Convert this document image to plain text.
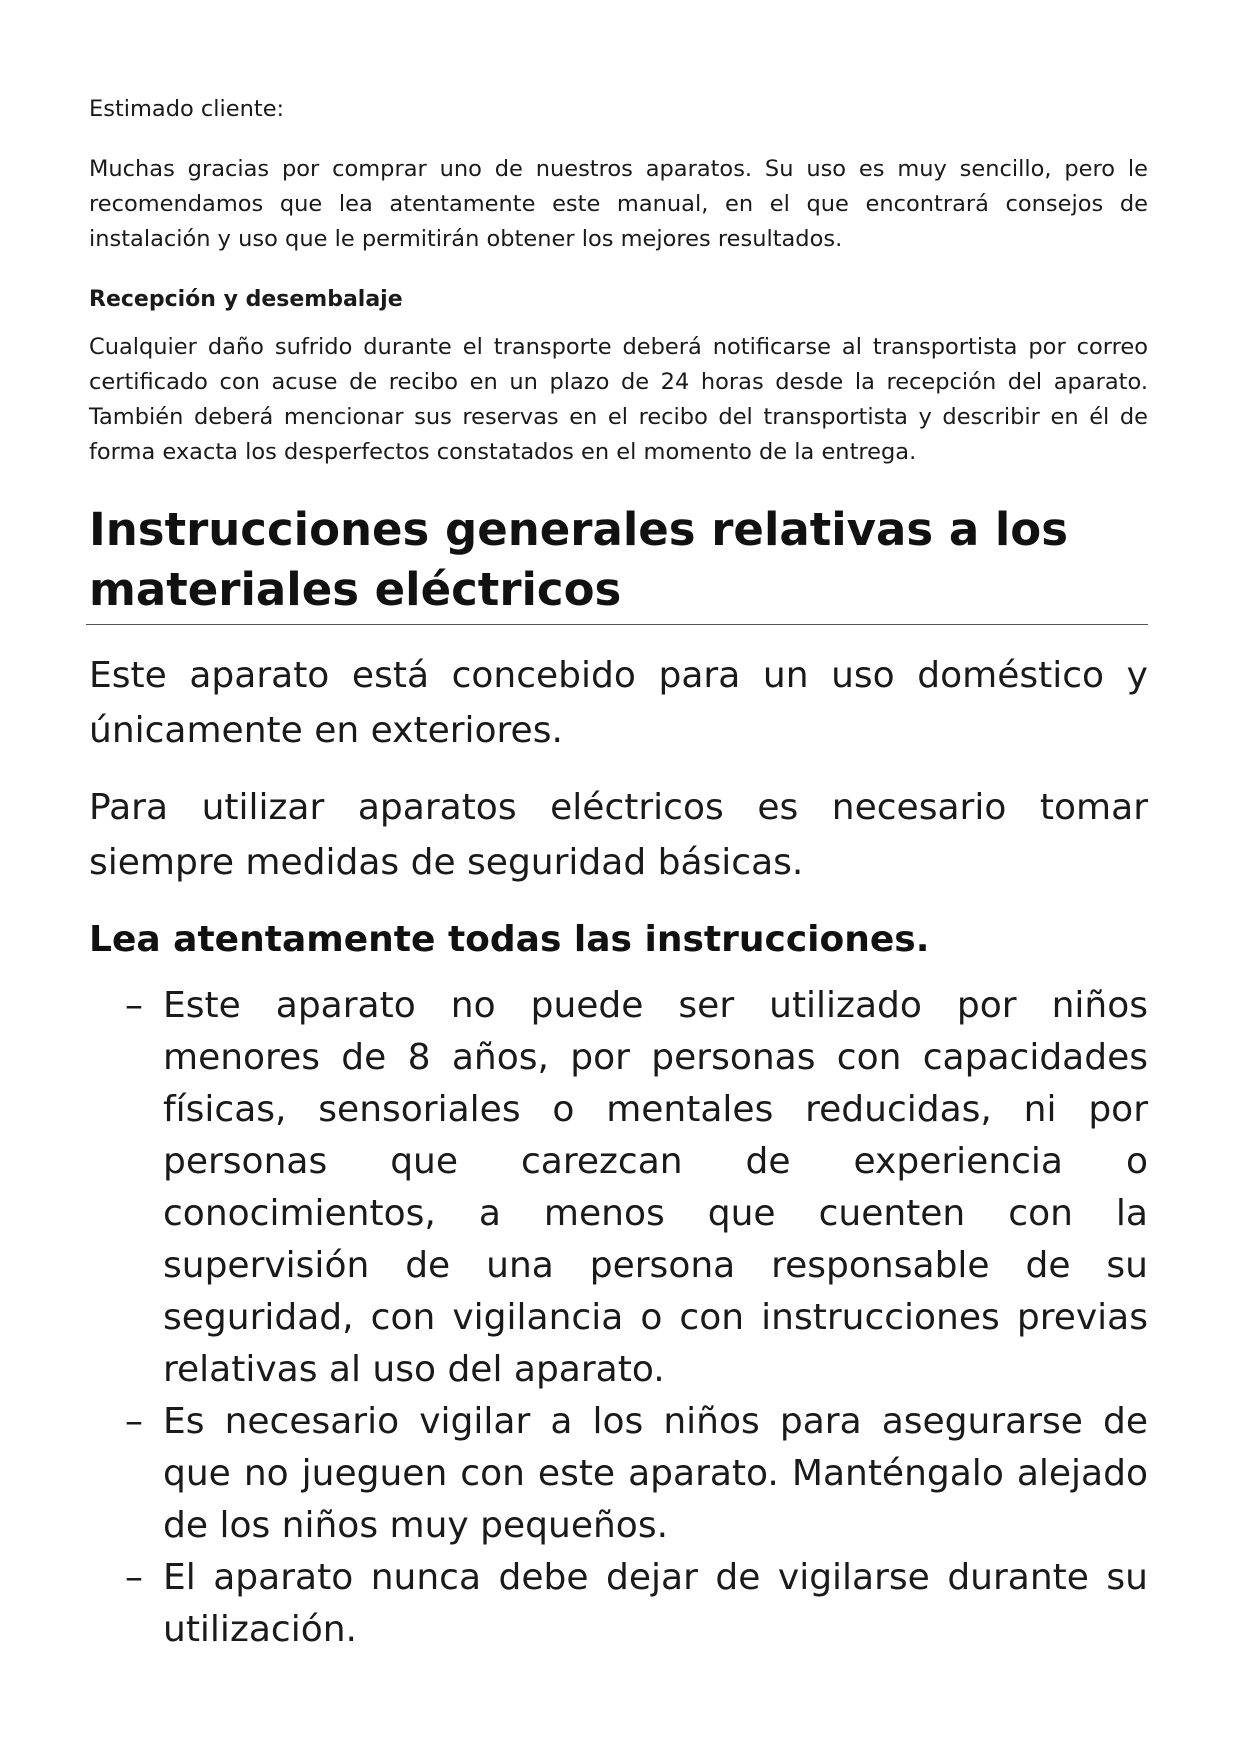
Estimado cliente:

Muchas gracias por comprar uno de nuestros aparatos. Su uso es muy sencillo, pero le recomendamos que lea atentamente este manual, en el que encontrará consejos de instalación y uso que le permitirán obtener los mejores resultados.

Recepción y desembalaje

Cualquier daño sufrido durante el transporte deberá notificarse al transportista por correo certificado con acuse de recibo en un plazo de 24 horas desde la recepción del aparato. También deberá mencionar sus reservas en el recibo del transportista y describir en él de forma exacta los desperfectos constatados en el momento de la entrega.

Instrucciones generales relativas a los materiales eléctricos

Este aparato está concebido para un uso doméstico y únicamente en exteriores.

Para utilizar aparatos eléctricos es necesario tomar siempre medidas de seguridad básicas.

Lea atentamente todas las instrucciones.
– Este aparato no puede ser utilizado por niños menores de 8 años, por personas con capacidades físicas, sensoriales o mentales reducidas, ni por personas que carezcan de experiencia o conocimientos, a menos que cuenten con la supervisión de una persona responsable de su seguridad, con vigilancia o con instrucciones previas relativas al uso del aparato.
– Es necesario vigilar a los niños para asegurarse de que no jueguen con este aparato. Manténgalo alejado de los niños muy pequeños.
– El aparato nunca debe dejar de vigilarse durante su utilización.
